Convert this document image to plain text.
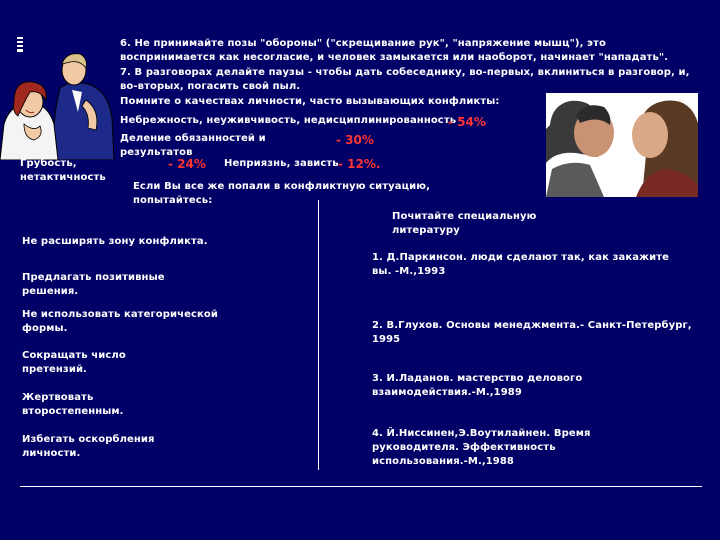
6. Не принимайте позы "обороны" ("скрещивание рук", "напряжение мышц"), это воспринимается как несогласие, и человек замыкается или наоборот, начинает "нападать".
7. В разговорах делайте паузы - чтобы дать собеседнику, во-первых, вклиниться в разговор, и, во-вторых, погасить свой пыл.
Помните о качествах личности, часто вызывающих конфликты:
Небрежность, неуживчивость, недисциплинированность
- 54%
Деление обязанностей и результатов
- 30%
Грубость, нетактичность
- 24% Неприязнь, зависть - 12%.
Если Вы все же попали в конфликтную ситуацию, попытайтесь:
Не расширять зону конфликта.
Предлагать позитивные решения.
Не использовать категорической формы.
Сокращать число претензий.
Жертвовать второстепенным.
Избегать оскорбления личности.
Почитайте специальную литературу
1. Д.Паркинсон. люди сделают так, как закажите вы. -М.,1993
2. В.Глухов. Основы менеджмента.- Санкт-Петербург, 1995
3. И.Ладанов. мастерство делового взаимодействия.-М.,1989
4. Й.Ниссинен,Э.Воутилайнен. Время руководителя. Эффективность использования.-М.,1988
